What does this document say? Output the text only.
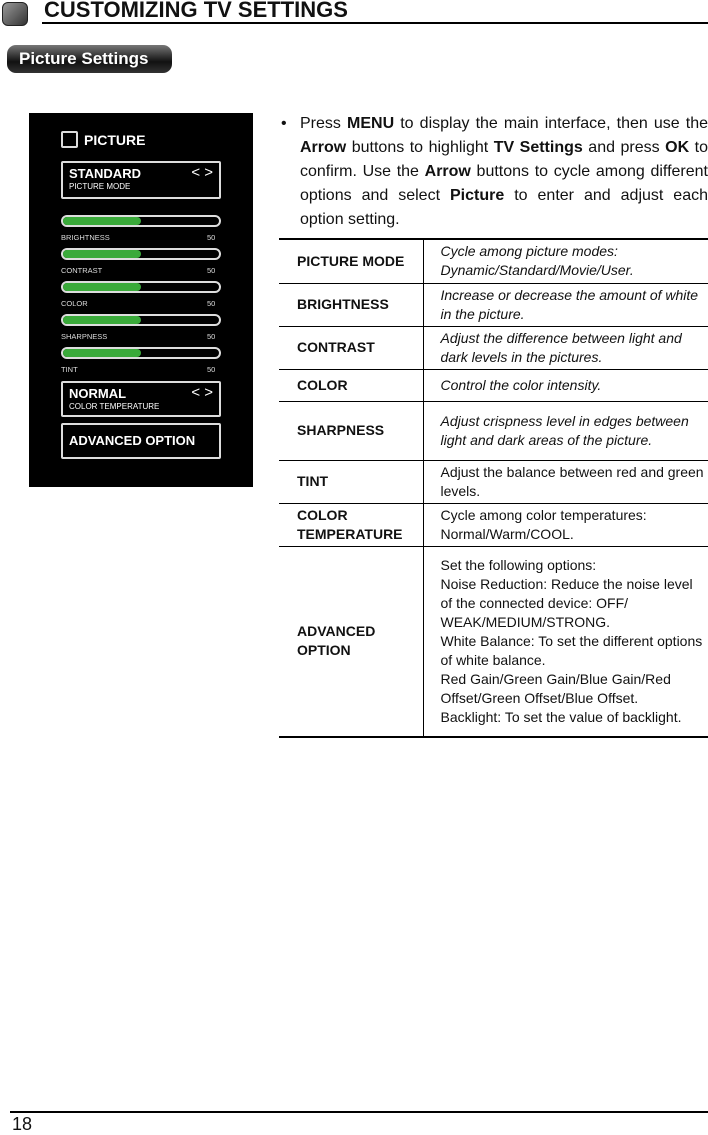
CUSTOMIZING TV SETTINGS
Picture Settings
PICTURE
STANDARD
PICTURE MODE
< >
BRIGHTNESS	50
CONTRAST	50
COLOR	50
SHARPNESS	50
TINT	50
NORMAL
COLOR TEMPERATURE
< >
ADVANCED OPTION
• Press MENU to display the main interface, then use the Arrow buttons to highlight TV Settings and press OK to confirm. Use the Arrow buttons to cycle among different options and select Picture to enter and adjust each option setting.
PICTURE MODE	Cycle among picture modes: Dynamic/Standard/Movie/User.
BRIGHTNESS	Increase or decrease the amount of white in the picture.
CONTRAST	Adjust the difference between light and dark levels in the pictures.
COLOR	Control the color intensity.
SHARPNESS	Adjust crispness level in edges between light and dark areas of the picture.
TINT	Adjust the balance between red and green levels.
COLOR TEMPERATURE	Cycle among color temperatures: Normal/Warm/COOL.
ADVANCED OPTION	Set the following options:
Noise Reduction: Reduce the noise level of the connected device: OFF/ WEAK/MEDIUM/STRONG.
White Balance: To set the different options of white balance.
Red Gain/Green Gain/Blue Gain/Red Offset/Green Offset/Blue Offset.
Backlight: To set the value of backlight.
18
